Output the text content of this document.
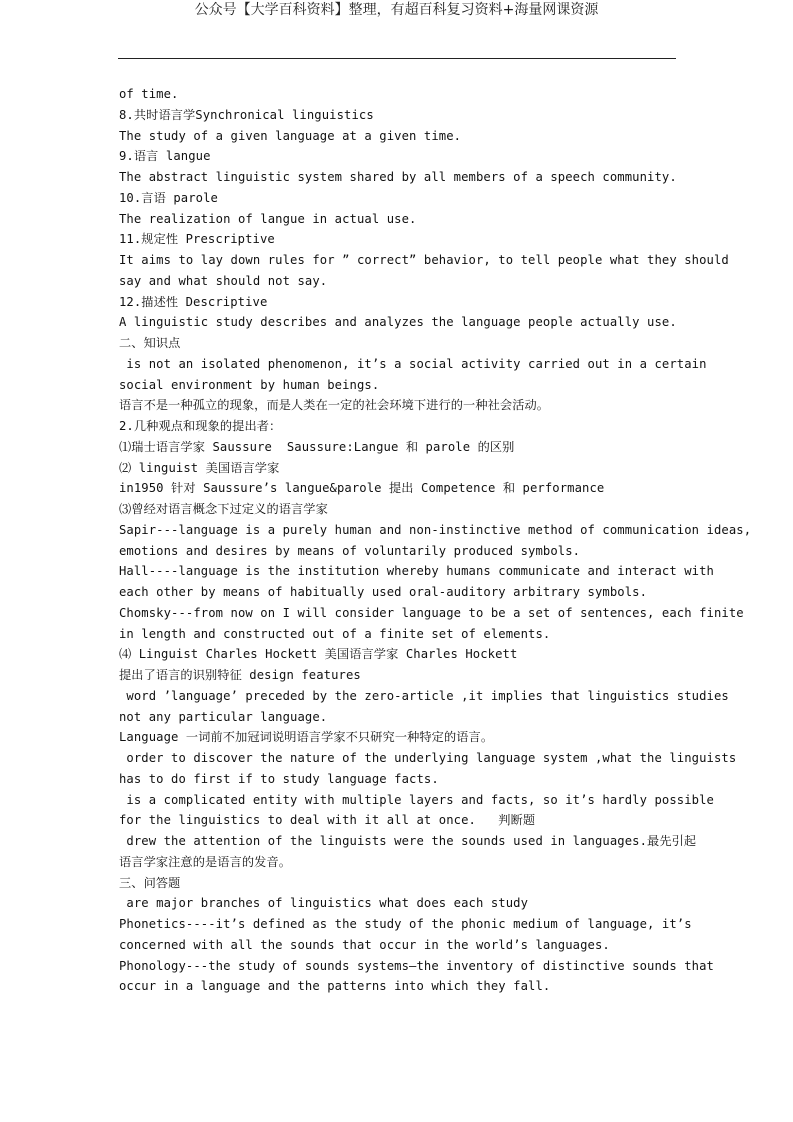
公众号【大学百科资料】整理，有超百科复习资料+海量网课资源
of time.
8.共时语言学Synchronical linguistics
The study of a given language at a given time.
9.语言 langue
The abstract linguistic system shared by all members of a speech community.
10.言语 parole
The realization of langue in actual use.
11.规定性 Prescriptive
It aims to lay down rules for ” correct” behavior, to tell people what they should
say and what should not say.
12.描述性 Descriptive
A linguistic study describes and analyzes the language people actually use.
二、知识点
is not an isolated phenomenon, it’s a social activity carried out in a certain
social environment by human beings.
语言不是一种孤立的现象，而是人类在一定的社会环境下进行的一种社会活动。
2.几种观点和现象的提出者：
⑴瑞士语言学家 Saussure  Saussure:Langue 和 parole 的区别
⑵ linguist 美国语言学家
in1950 针对 Saussure’s langue&parole 提出 Competence 和 performance
⑶曾经对语言概念下过定义的语言学家
Sapir---language is a purely human and non-instinctive method of communication ideas,
emotions and desires by means of voluntarily produced symbols.
Hall----language is the institution whereby humans communicate and interact with
each other by means of habitually used oral-auditory arbitrary symbols.
Chomsky---from now on I will consider language to be a set of sentences, each finite
in length and constructed out of a finite set of elements.
⑷ Linguist Charles Hockett 美国语言学家 Charles Hockett
提出了语言的识别特征 design features
word ’language’ preceded by the zero-article ,it implies that linguistics studies
not any particular language.
Language 一词前不加冠词说明语言学家不只研究一种特定的语言。
order to discover the nature of the underlying language system ,what the linguists
has to do first if to study language facts.
is a complicated entity with multiple layers and facts, so it’s hardly possible
for the linguistics to deal with it all at once.   判断题
drew the attention of the linguists were the sounds used in languages.最先引起
语言学家注意的是语言的发音。
三、问答题
are major branches of linguistics what does each study
Phonetics----it’s defined as the study of the phonic medium of language, it’s
concerned with all the sounds that occur in the world’s languages.
Phonology---the study of sounds systems—the inventory of distinctive sounds that
occur in a language and the patterns into which they fall.
